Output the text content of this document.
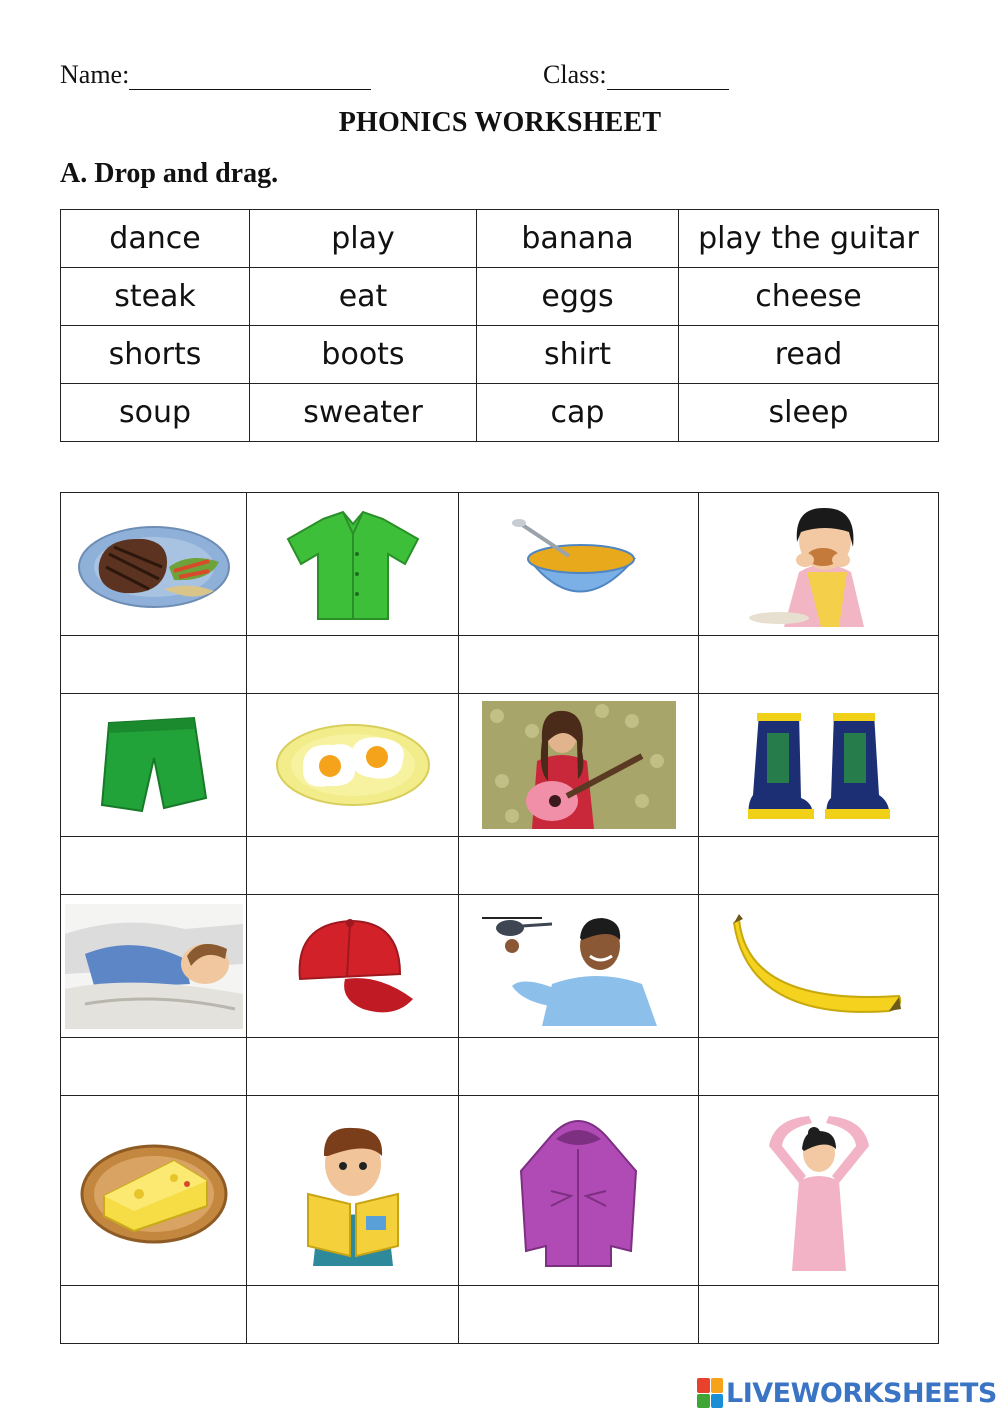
Name:	Class:
PHONICS WORKSHEET
A. Drop and drag.
dance	play	banana	play the guitar
steak	eat	eggs	cheese
shorts	boots	shirt	read
soup	sweater	cap	sleep

LIVEWORKSHEETS
